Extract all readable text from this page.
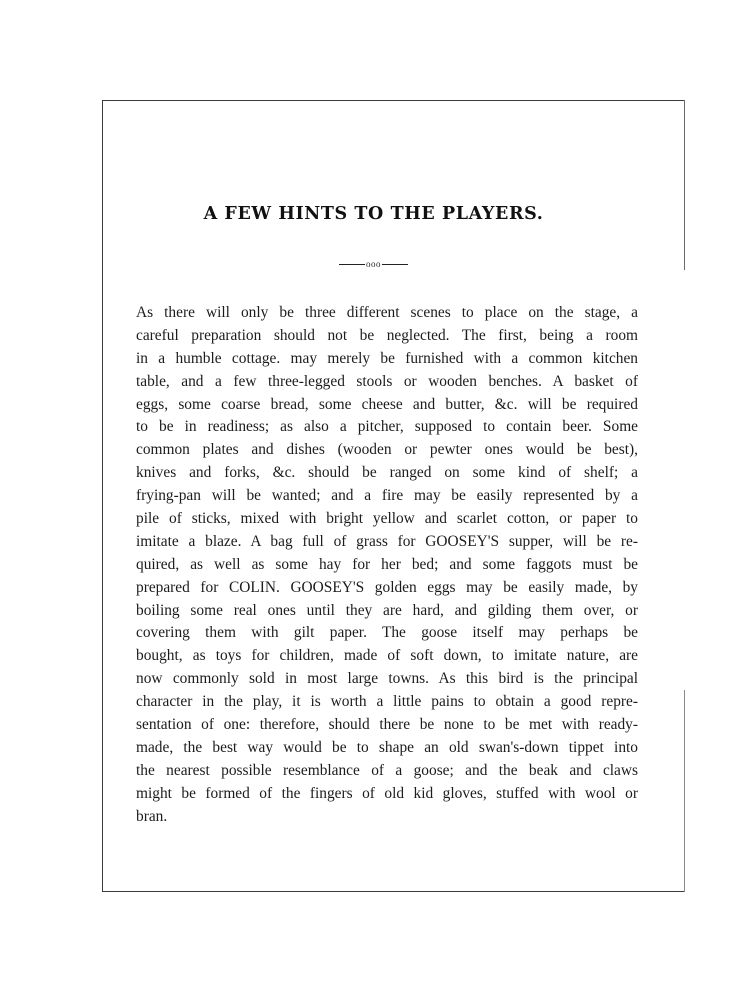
A FEW HINTS TO THE PLAYERS.
ooo
As there will only be three different scenes to place on the stage, a
careful preparation should not be neglected. The first, being a room
in a humble cottage. may merely be furnished with a common kitchen
table, and a few three-legged stools or wooden benches. A basket of
eggs, some coarse bread, some cheese and butter, &c. will be required
to be in readiness; as also a pitcher, supposed to contain beer. Some
common plates and dishes (wooden or pewter ones would be best),
knives and forks, &c. should be ranged on some kind of shelf; a
frying-pan will be wanted; and a fire may be easily represented by a
pile of sticks, mixed with bright yellow and scarlet cotton, or paper to
imitate a blaze. A bag full of grass for GOOSEY'S supper, will be re-
quired, as well as some hay for her bed; and some faggots must be
prepared for COLIN. GOOSEY'S golden eggs may be easily made, by
boiling some real ones until they are hard, and gilding them over, or
covering them with gilt paper. The goose itself may perhaps be
bought, as toys for children, made of soft down, to imitate nature, are
now commonly sold in most large towns. As this bird is the principal
character in the play, it is worth a little pains to obtain a good repre-
sentation of one: therefore, should there be none to be met with ready-
made, the best way would be to shape an old swan's-down tippet into
the nearest possible resemblance of a goose; and the beak and claws
might be formed of the fingers of old kid gloves, stuffed with wool or
bran.
